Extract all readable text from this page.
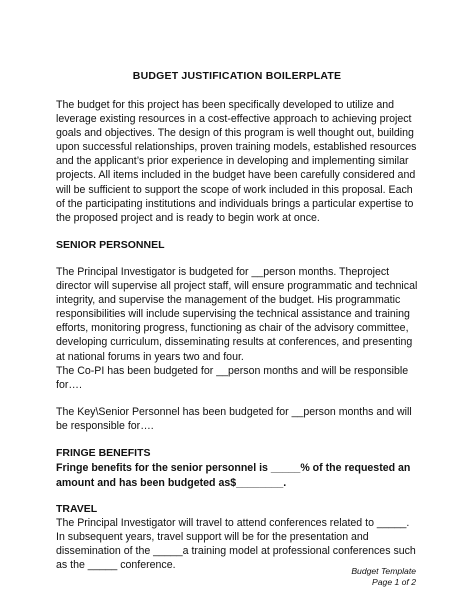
BUDGET JUSTIFICATION BOILERPLATE

The budget for this project has been specifically developed to utilize and leverage existing resources in a cost-effective approach to achieving project goals and objectives. The design of this program is well thought out, building upon successful relationships, proven training models, established resources and the applicant’s prior experience in developing and implementing similar projects. All items included in the budget have been carefully considered and will be sufficient to support the scope of work included in this proposal. Each of the participating institutions and individuals brings a particular expertise to the proposed project and is ready to begin work at once.

SENIOR PERSONNEL

The Principal Investigator is budgeted for __person months. Theproject director will supervise all project staff, will ensure programmatic and technical integrity, and supervise the management of the budget. His programmatic responsibilities will include supervising the technical assistance and training efforts, monitoring progress, functioning as chair of the advisory committee, developing curriculum, disseminating results at conferences, and presenting at national forums in years two and four.

The Co-PI has been budgeted for __person months and will be responsible for….

The Key\Senior Personnel has been budgeted for __person months and will be responsible for….

FRINGE BENEFITS

Fringe benefits for the senior personnel is _____% of the requested an amount and has been budgeted as$________.

TRAVEL

The Principal Investigator will travel to attend conferences related to _____. In subsequent years, travel support will be for the presentation and dissemination of the _____a training model at professional conferences such as the _____ conference.	Budget Template
Page 1 of 2
